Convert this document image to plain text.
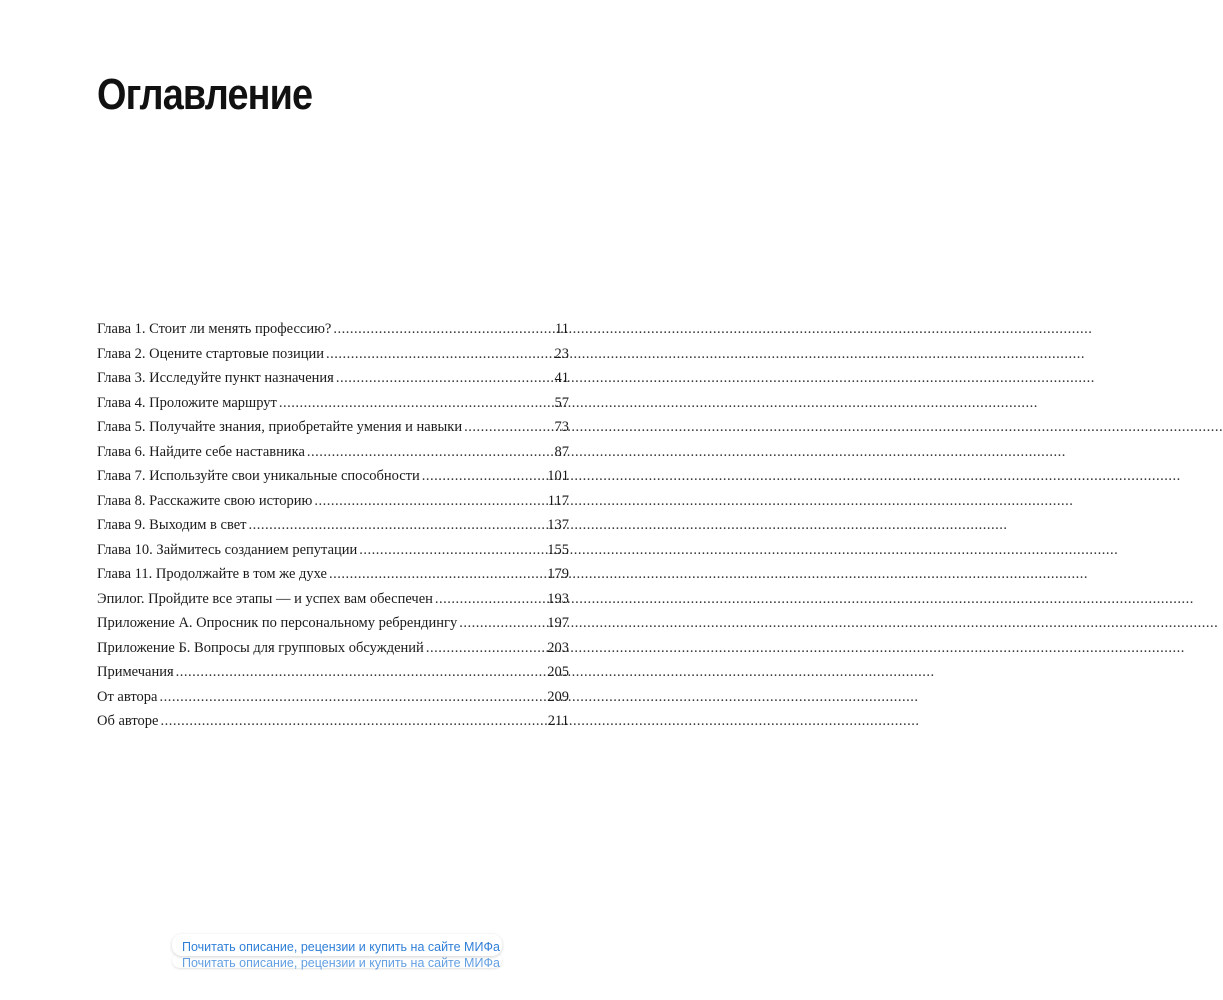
Оглавление
Глава 1. Стоит ли менять профессию? .....	11
Глава 2. Оцените стартовые позиции .....	23
Глава 3. Исследуйте пункт назначения .....	41
Глава 4. Проложите маршрут .....	57
Глава 5. Получайте знания, приобретайте умения и навыки .....	73
Глава 6. Найдите себе наставника .....	87
Глава 7. Используйте свои уникальные способности .....	101
Глава 8. Расскажите свою историю .....	117
Глава 9. Выходим в свет .....	137
Глава 10. Займитесь созданием репутации .....	155
Глава 11. Продолжайте в том же духе .....	179
Эпилог. Пройдите все этапы — и успех вам обеспечен .....	193
Приложение А. Опросник по персональному ребрендингу .....	197
Приложение Б. Вопросы для групповых обсуждений .....	203
Примечания .....	205
От автора .....	209
Об авторе .....	211
Почитать описание, рецензии и купить на сайте МИФа
Почитать описание, рецензии и купить на сайте МИФа
